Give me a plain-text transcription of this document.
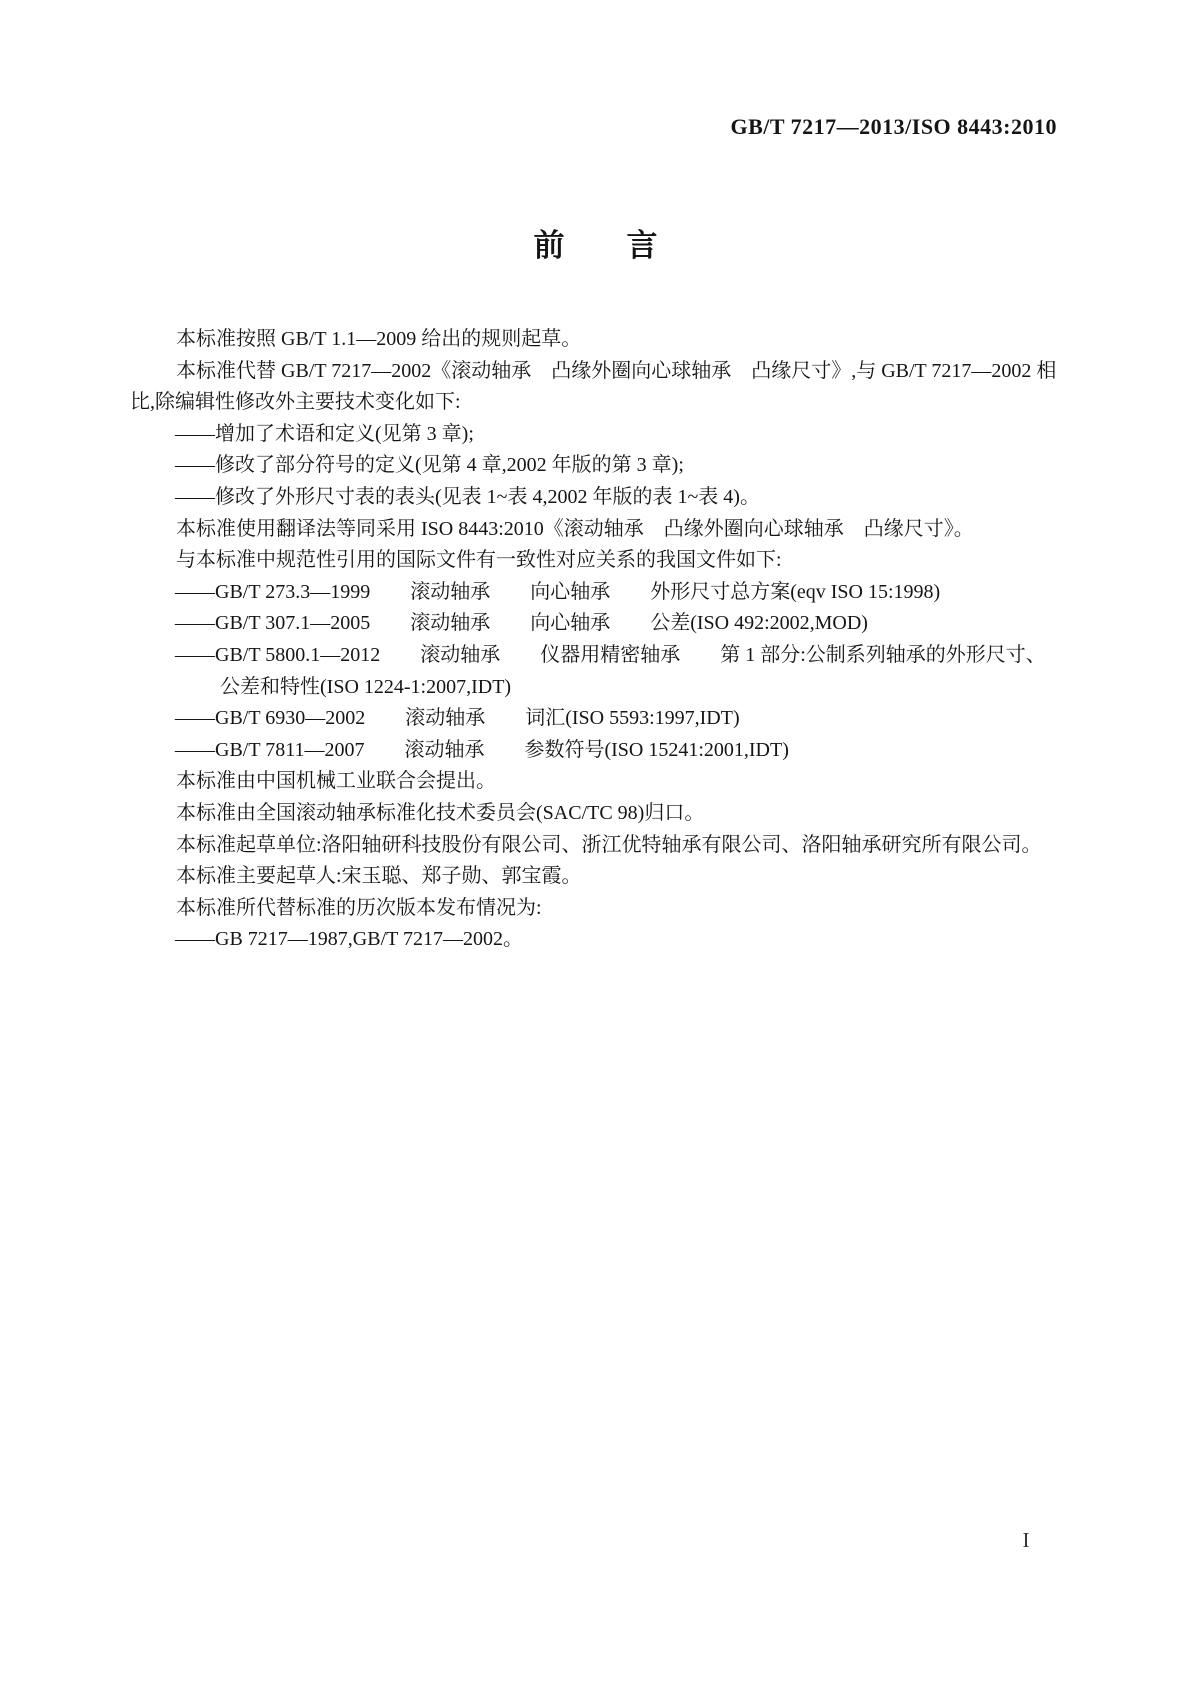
GB/T 7217—2013/ISO 8443:2010
前　　言

本标准按照 GB/T 1.1—2009 给出的规则起草。

本标准代替 GB/T 7217—2002《滚动轴承　凸缘外圈向心球轴承　凸缘尺寸》,与 GB/T 7217—2002 相比,除编辑性修改外主要技术变化如下:

——增加了术语和定义(见第 3 章);

——修改了部分符号的定义(见第 4 章,2002 年版的第 3 章);

——修改了外形尺寸表的表头(见表 1~表 4,2002 年版的表 1~表 4)。

本标准使用翻译法等同采用 ISO 8443:2010《滚动轴承　凸缘外圈向心球轴承　凸缘尺寸》。

与本标准中规范性引用的国际文件有一致性对应关系的我国文件如下:

——GB/T 273.3—1999　　滚动轴承　　向心轴承　　外形尺寸总方案(eqv ISO 15:1998)

——GB/T 307.1—2005　　滚动轴承　　向心轴承　　公差(ISO 492:2002,MOD)

——GB/T 5800.1—2012　　滚动轴承　　仪器用精密轴承　　第 1 部分:公制系列轴承的外形尺寸、公差和特性(ISO 1224-1:2007,IDT)

——GB/T 6930—2002　　滚动轴承　　词汇(ISO 5593:1997,IDT)

——GB/T 7811—2007　　滚动轴承　　参数符号(ISO 15241:2001,IDT)

本标准由中国机械工业联合会提出。

本标准由全国滚动轴承标准化技术委员会(SAC/TC 98)归口。

本标准起草单位:洛阳轴研科技股份有限公司、浙江优特轴承有限公司、洛阳轴承研究所有限公司。

本标准主要起草人:宋玉聪、郑子勋、郭宝霞。

本标准所代替标准的历次版本发布情况为:

——GB 7217—1987,GB/T 7217—2002。

I
